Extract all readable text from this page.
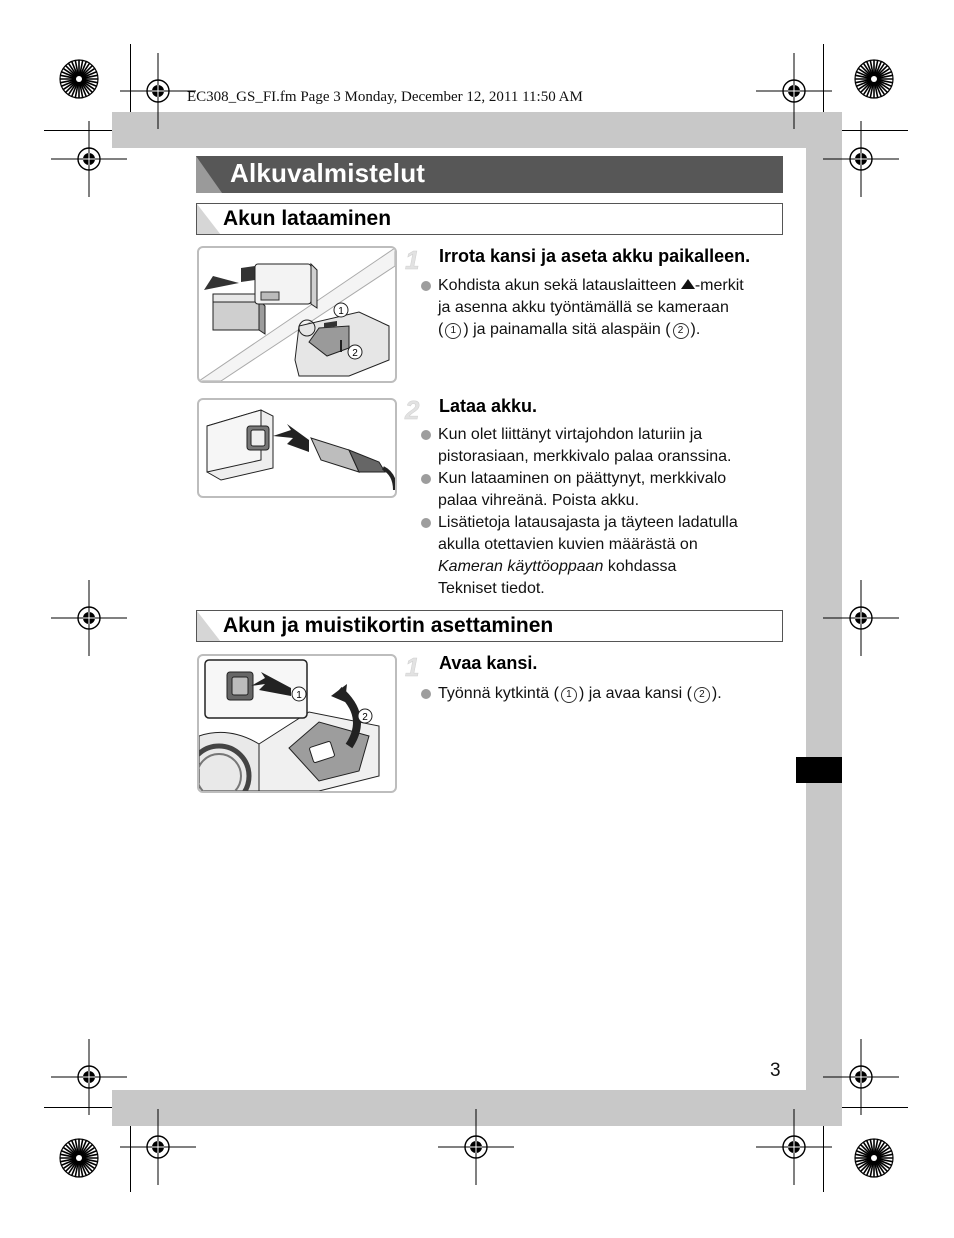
EC308_GS_FI.fm Page 3 Monday, December 12, 2011 11:50 AM
Alkuvalmistelut
Akun lataaminen
1
2
1 Irrota kansi ja aseta akku paikalleen.
Kohdista akun sekä latauslaitteen -merkit
ja asenna akku työntämällä se kameraan
( 1 ) ja painamalla sitä alaspäin ( 2 ).
2 Lataa akku.
Kun olet liittänyt virtajohdon laturiin ja
pistorasiaan, merkkivalo palaa oranssina.
Kun lataaminen on päättynyt, merkkivalo
palaa vihreänä. Poista akku.
Lisätietoja latausajasta ja täyteen ladatulla
akulla otettavien kuvien määrästä on
Kameran käyttöoppaan kohdassa
Tekniset tiedot.
Akun ja muistikortin asettaminen
1
2
1 Avaa kansi.
Työnnä kytkintä ( 1 ) ja avaa kansi ( 2 ).
3
